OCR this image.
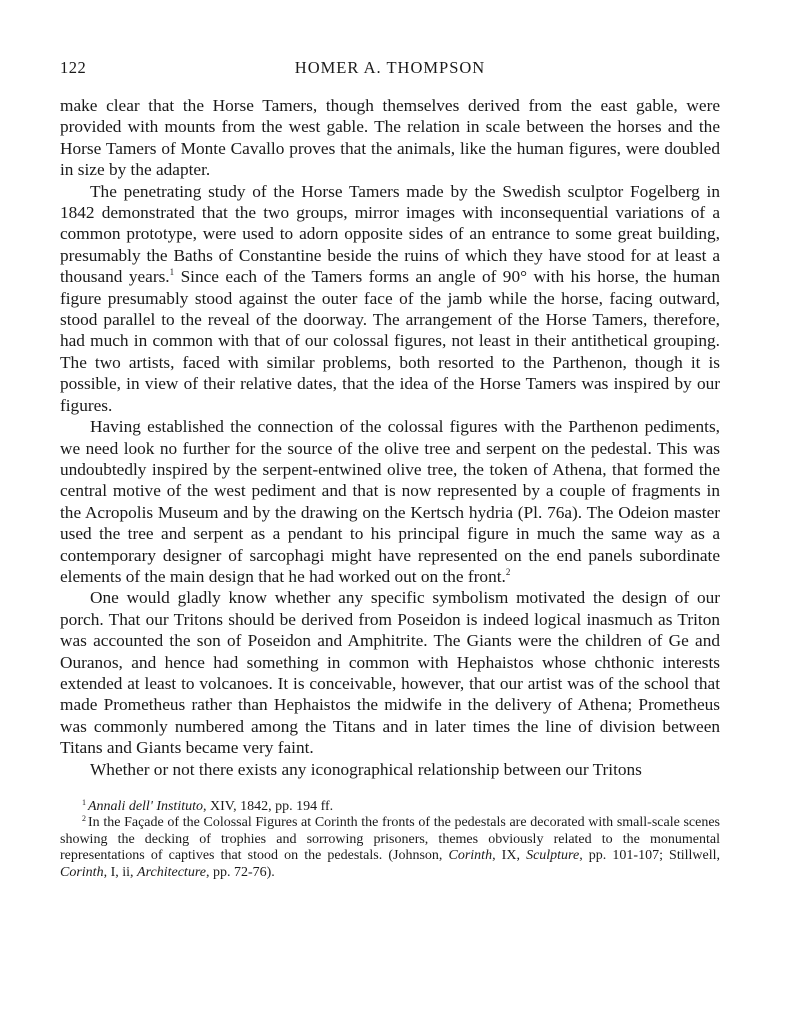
122	HOMER A. THOMPSON

make clear that the Horse Tamers, though themselves derived from the east gable, were provided with mounts from the west gable. The relation in scale between the horses and the Horse Tamers of Monte Cavallo proves that the animals, like the human figures, were doubled in size by the adapter.

The penetrating study of the Horse Tamers made by the Swedish sculptor Fogelberg in 1842 demonstrated that the two groups, mirror images with inconsequential variations of a common prototype, were used to adorn opposite sides of an entrance to some great building, presumably the Baths of Constantine beside the ruins of which they have stood for at least a thousand years.$^1$ Since each of the Tamers forms an angle of 90° with his horse, the human figure presumably stood against the outer face of the jamb while the horse, facing outward, stood parallel to the reveal of the doorway. The arrangement of the Horse Tamers, therefore, had much in common with that of our colossal figures, not least in their antithetical grouping. The two artists, faced with similar problems, both resorted to the Parthenon, though it is possible, in view of their relative dates, that the idea of the Horse Tamers was inspired by our figures.

Having established the connection of the colossal figures with the Parthenon pediments, we need look no further for the source of the olive tree and serpent on the pedestal. This was undoubtedly inspired by the serpent-entwined olive tree, the token of Athena, that formed the central motive of the west pediment and that is now represented by a couple of fragments in the Acropolis Museum and by the drawing on the Kertsch hydria (Pl. 76a). The Odeion master used the tree and serpent as a pendant to his principal figure in much the same way as a contemporary designer of sarcophagi might have represented on the end panels subordinate elements of the main design that he had worked out on the front.$^2$

One would gladly know whether any specific symbolism motivated the design of our porch. That our Tritons should be derived from Poseidon is indeed logical inasmuch as Triton was accounted the son of Poseidon and Amphitrite. The Giants were the children of Ge and Ouranos, and hence had something in common with Hephaistos whose chthonic interests extended at least to volcanoes. It is conceivable, however, that our artist was of the school that made Prometheus rather than Hephaistos the midwife in the delivery of Athena; Prometheus was commonly numbered among the Titans and in later times the line of division between Titans and Giants became very faint.

Whether or not there exists any iconographical relationship between our Tritons

$^1$ Annali dell' Instituto, XIV, 1842, pp. 194 ff.

$^2$ In the Façade of the Colossal Figures at Corinth the fronts of the pedestals are decorated with small-scale scenes showing the decking of trophies and sorrowing prisoners, themes obviously related to the monumental representations of captives that stood on the pedestals. (Johnson, Corinth, IX, Sculpture, pp. 101-107; Stillwell, Corinth, I, ii, Architecture, pp. 72-76).
